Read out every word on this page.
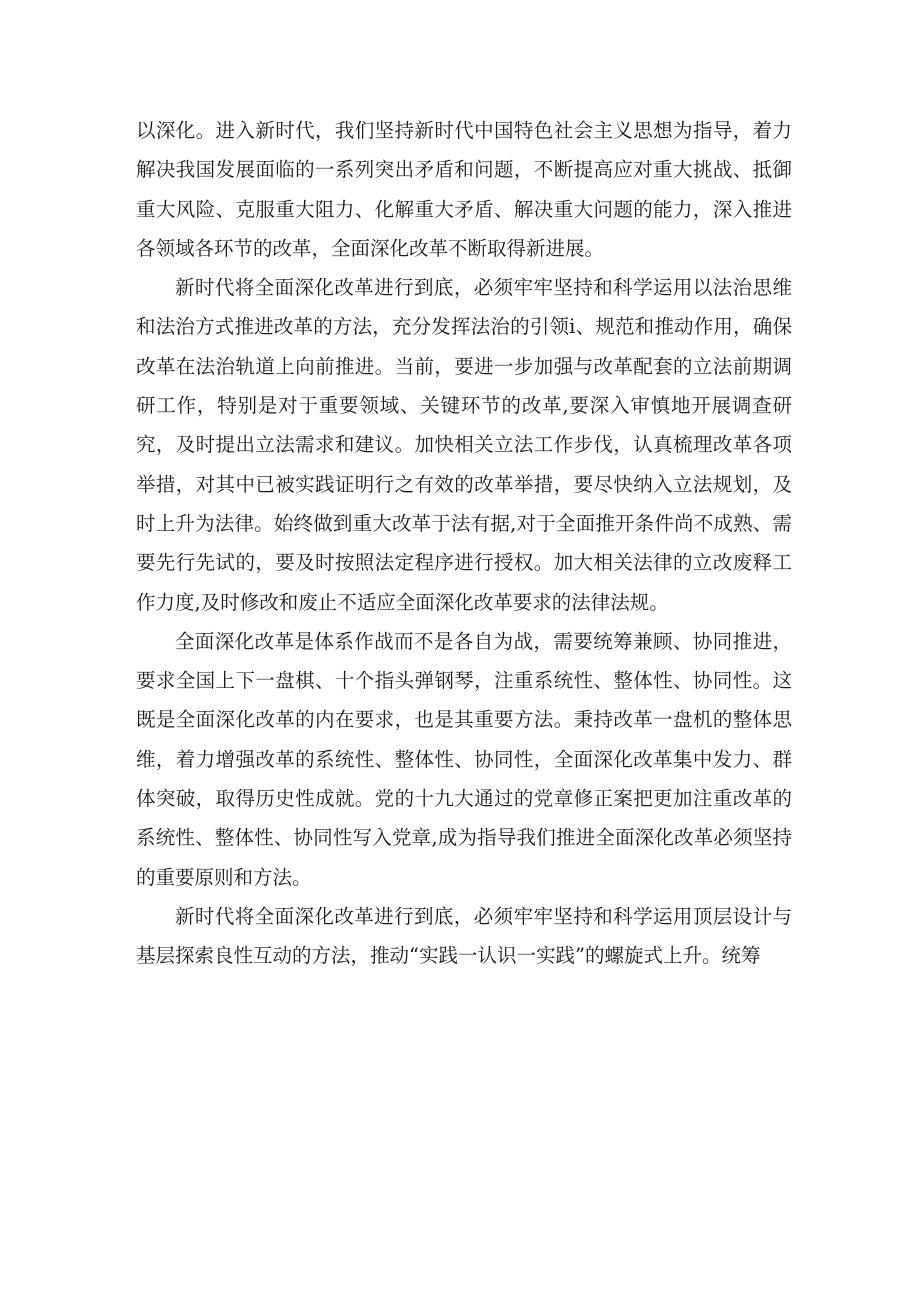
以深化。进入新时代，我们坚持新时代中国特色社会主义思想为指导，着力解决我国发展面临的一系列突出矛盾和问题，不断提高应对重大挑战、抵御重大风险、克服重大阻力、化解重大矛盾、解决重大问题的能力，深入推进各领域各环节的改革，全面深化改革不断取得新进展。

新时代将全面深化改革进行到底，必须牢牢坚持和科学运用以法治思维和法治方式推进改革的方法，充分发挥法治的引领i、规范和推动作用，确保改革在法治轨道上向前推进。当前，要进一步加强与改革配套的立法前期调研工作，特别是对于重要领域、关键环节的改革,要深入审慎地开展调查研究，及时提出立法需求和建议。加快相关立法工作步伐，认真梳理改革各项举措，对其中已被实践证明行之有效的改革举措，要尽快纳入立法规划，及时上升为法律。始终做到重大改革于法有据,对于全面推开条件尚不成熟、需要先行先试的，要及时按照法定程序进行授权。加大相关法律的立改废释工作力度,及时修改和废止不适应全面深化改革要求的法律法规。

全面深化改革是体系作战而不是各自为战，需要统筹兼顾、协同推进，要求全国上下一盘棋、十个指头弹钢琴，注重系统性、整体性、协同性。这既是全面深化改革的内在要求，也是其重要方法。秉持改革一盘机的整体思维，着力增强改革的系统性、整体性、协同性，全面深化改革集中发力、群体突破，取得历史性成就。党的十九大通过的党章修正案把更加注重改革的系统性、整体性、协同性写入党章,成为指导我们推进全面深化改革必须坚持的重要原则和方法。

新时代将全面深化改革进行到底，必须牢牢坚持和科学运用顶层设计与基层探索良性互动的方法，推动“实践一认识一实践”的螺旋式上升。统筹
